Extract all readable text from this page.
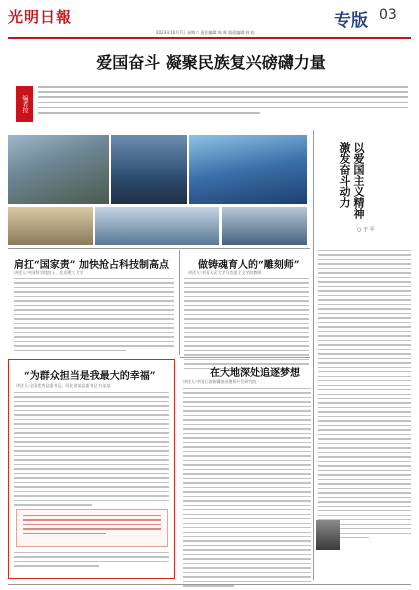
光明日報
2023年10月7日 星期六 责任编辑:周 晖 版面编辑:何 松
专版 03
爱国奋斗 凝聚民族复兴磅礴力量
编者按
以爱国主义精神
激发奋斗动力
○ 于 平
肩扛“国家责” 加快抢占科技制高点
讲述人:中国科学院院士、北京理工大学
做铸魂育人的“雕刻师”
讲述人:中国人民大学马克思主义学院教师
“为群众担当是我最大的幸福”
讲述人:全国优秀县委书记、河北省某县委书记 杜某某
在大地深处追逐梦想
讲述人:中国石油新疆油田勘探开发研究院 ·
